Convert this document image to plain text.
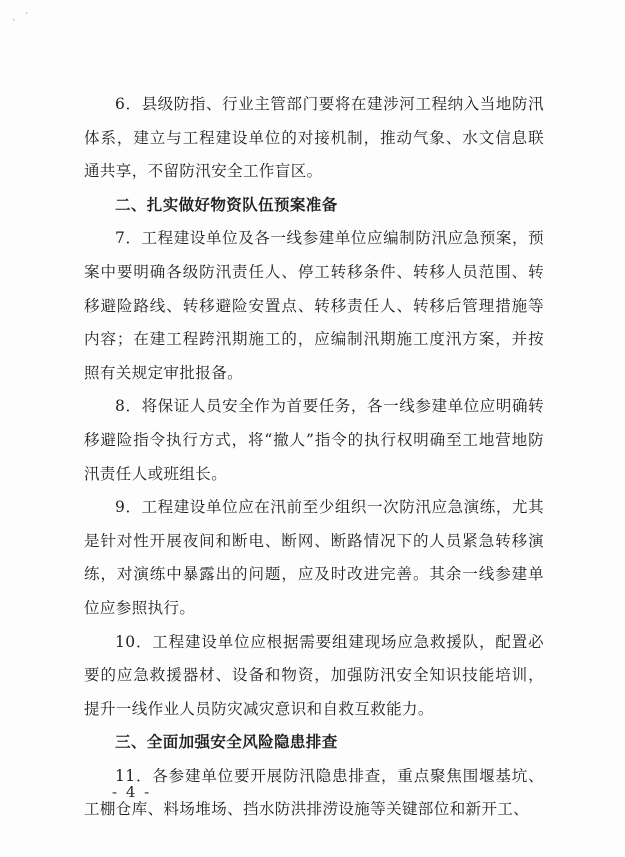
、 ˊ

6．县级防指、行业主管部门要将在建涉河工程纳入当地防汛体系，建立与工程建设单位的对接机制，推动气象、水文信息联通共享，不留防汛安全工作盲区。

二、扎实做好物资队伍预案准备

7．工程建设单位及各一线参建单位应编制防汛应急预案，预案中要明确各级防汛责任人、停工转移条件、转移人员范围、转移避险路线、转移避险安置点、转移责任人、转移后管理措施等内容；在建工程跨汛期施工的，应编制汛期施工度汛方案，并按照有关规定审批报备。

8．将保证人员安全作为首要任务，各一线参建单位应明确转移避险指令执行方式，将“撤人”指令的执行权明确至工地营地防汛责任人或班组长。

9．工程建设单位应在汛前至少组织一次防汛应急演练，尤其是针对性开展夜间和断电、断网、断路情况下的人员紧急转移演练，对演练中暴露出的问题，应及时改进完善。其余一线参建单位应参照执行。

10．工程建设单位应根据需要组建现场应急救援队，配置必要的应急救援器材、设备和物资，加强防汛安全知识技能培训，提升一线作业人员防灾减灾意识和自救互救能力。

三、全面加强安全风险隐患排查

11．各参建单位要开展防汛隐患排查，重点聚焦围堰基坑、工棚仓库、料场堆场、挡水防洪排涝设施等关键部位和新开工、

- 4 -
